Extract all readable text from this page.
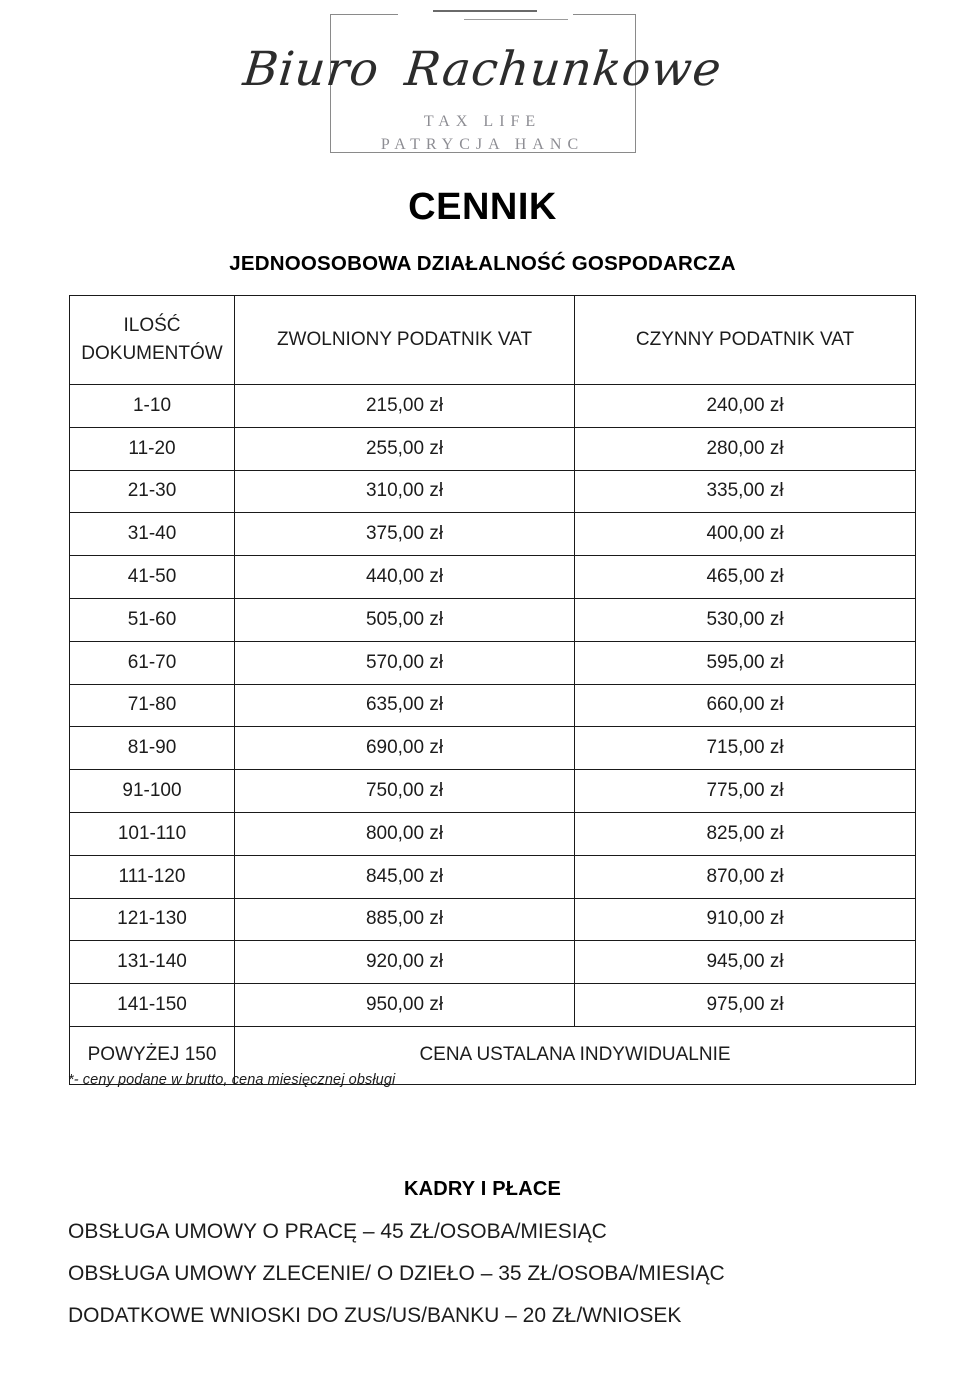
Biuro Rachunkowe
TAX LIFE
PATRYCJA HANC
CENNIK
JEDNOOSOBOWA DZIAŁALNOŚĆ GOSPODARCZA
ILOŚĆ
DOKUMENTÓW	ZWOLNIONY PODATNIK VAT	CZYNNY PODATNIK VAT
1-10	215,00 zł	240,00 zł
11-20	255,00 zł	280,00 zł
21-30	310,00 zł	335,00 zł
31-40	375,00 zł	400,00 zł
41-50	440,00 zł	465,00 zł
51-60	505,00 zł	530,00 zł
61-70	570,00 zł	595,00 zł
71-80	635,00 zł	660,00 zł
81-90	690,00 zł	715,00 zł
91-100	750,00 zł	775,00 zł
101-110	800,00 zł	825,00 zł
111-120	845,00 zł	870,00 zł
121-130	885,00 zł	910,00 zł
131-140	920,00 zł	945,00 zł
141-150	950,00 zł	975,00 zł
POWYŻEJ 150	CENA USTALANA INDYWIDUALNIE	
*- ceny podane w brutto, cena miesięcznej obsługi
KADRY I PŁACE
OBSŁUGA UMOWY O PRACĘ – 45 ZŁ/OSOBA/MIESIĄC
OBSŁUGA UMOWY ZLECENIE/ O DZIEŁO – 35 ZŁ/OSOBA/MIESIĄC
DODATKOWE WNIOSKI DO ZUS/US/BANKU – 20 ZŁ/WNIOSEK
